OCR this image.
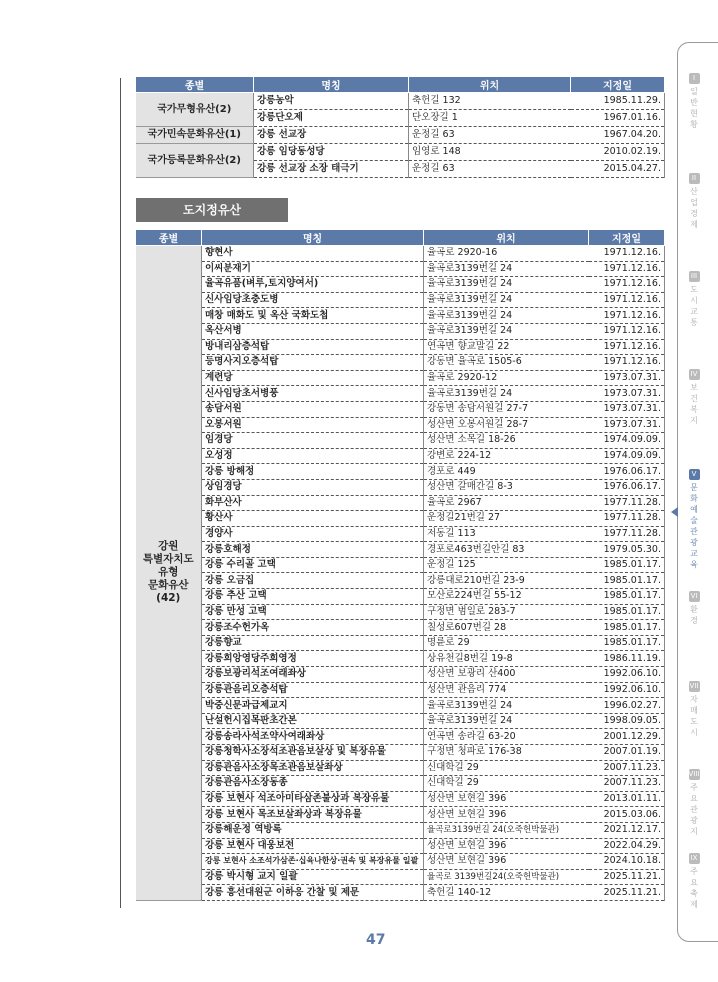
종별	명칭	위치	지정일
국가무형유산(2)	강릉농악	축헌길 132	1985.11.29.
	강릉단오제	단오장길 1	1967.01.16.
국가민속문화유산(1)	강릉 선교장	운정길 63	1967.04.20.
국가등록문화유산(2)	강릉 임당동성당	임영로 148	2010.02.19.
	강릉 선교장 소장 태극기	운정길 63	2015.04.27.
도지정유산
종별	명칭	위치	지정일
강원
특별자치도
유형
문화유산
(42)	향현사	율곡로 2920-16	1971.12.16.
	이씨분재기	율곡로3139번길 24	1971.12.16.
	율곡유품(벼루,토지양여서)	율곡로3139번길 24	1971.12.16.
	신사임당초충도병	율곡로3139번길 24	1971.12.16.
	매창 매화도 및 옥산 국화도첩	율곡로3139번길 24	1971.12.16.
	옥산서병	율곡로3139번길 24	1971.12.16.
	방내리삼층석탑	연곡면 향교말길 22	1971.12.16.
	등명사지오층석탑	강동면 율곡로 1505-6	1971.12.16.
	계련당	율곡로 2920-12	1973.07.31.
	신사임당초서병풍	율곡로3139번길 24	1973.07.31.
	송담서원	강동면 송담서원길 27-7	1973.07.31.
	오봉서원	성산면 오봉서원길 28-7	1973.07.31.
	임경당	성산면 소목길 18-26	1974.09.09.
	오성정	강변로 224-12	1974.09.09.
	강릉 방해정	경포로 449	1976.06.17.
	상임경당	성산면 갈매간길 8-3	1976.06.17.
	화부산사	율곡로 2967	1977.11.28.
	황산사	운정길21번길 27	1977.11.28.
	경양사	저동길 113	1977.11.28.
	강릉호해정	경포로463번길안길 83	1979.05.30.
	강릉 수리골 고택	운정길 125	1985.01.17.
	강릉 오금집	강릉대로210번길 23-9	1985.01.17.
	강릉 추산 고택	모산로224번길 55-12	1985.01.17.
	강릉 만성 고택	구정면 범일로 283-7	1985.01.17.
	강릉조수헌가옥	칠성로607번길 28	1985.01.17.
	강릉향교	명륜로 29	1985.01.17.
	강릉희앙영당주희영정	상유천길8번길 19-8	1986.11.19.
	강릉보광리석조여래좌상	성산면 보광리 산400	1992.06.10.
	강릉관음리오층석탑	성산면 관음리 774	1992.06.10.
	박중신문과급제교지	율곡로3139번길 24	1996.02.27.
	난설헌시집목판초간본	율곡로3139번길 24	1998.09.05.
	강릉송라사석조약사여래좌상	연곡면 송라길 63-20	2001.12.29.
	강릉청학사소장석조관음보살상 및 복장유물	구정면 청파로 176-38	2007.01.19.
	강릉관음사소장목조관음보살좌상	신대학길 29	2007.11.23.
	강릉관음사소장동종	신대학길 29	2007.11.23.
	강릉 보현사 석조아미타삼존불상과 복장유물	성산면 보현길 396	2013.01.11.
	강릉 보현사 목조보살좌상과 복장유물	성산면 보현길 396	2015.03.06.
	강릉해운정 역방록	율곡로3139번길 24(오죽헌박물관)	2021.12.17.
	강릉 보현사 대웅보전	성산면 보현길 396	2022.04.29.
	강릉 보현사 소조석가삼존·십육나한상·권속 및 복장유물 일괄	성산면 보현길 396	2024.10.18.
	강릉 박시형 교지 일괄	율곡로 3139번길24(오죽헌박물관)	2025.11.21.
	강릉 흥선대원군 이하응 간찰 및 제문	축헌길 140-12	2025.11.21.
47
I
일
반
현
황

II
산
업
경
제

III
도
시
교
통

IV
보
건
복
지

V
문
화
예
술
관
광
교
육

VI
환
경

VII
자
매
도
시

VIII
주
요
관
광
지

IX
주
요
축
제
